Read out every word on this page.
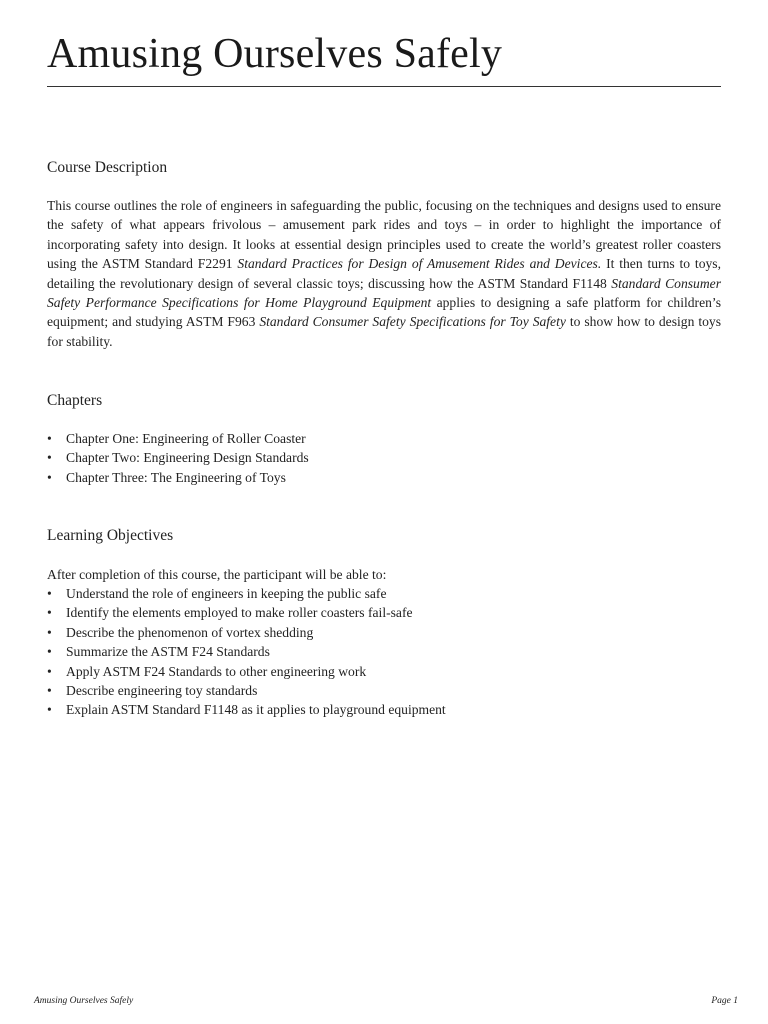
Amusing Ourselves Safely
Course Description

This course outlines the role of engineers in safeguarding the public, focusing on the techniques and designs used to ensure the safety of what appears frivolous – amusement park rides and toys – in order to highlight the importance of incorporating safety into design. It looks at essential design principles used to create the world’s greatest roller coasters using the ASTM Standard F2291 Standard Practices for Design of Amusement Rides and Devices. It then turns to toys, detailing the revolutionary design of several classic toys; discussing how the ASTM Standard F1148 Standard Consumer Safety Performance Specifications for Home Playground Equipment applies to designing a safe platform for children’s equipment; and studying ASTM F963 Standard Consumer Safety Specifications for Toy Safety to show how to design toys for stability.

Chapters
• Chapter One: Engineering of Roller Coaster
• Chapter Two: Engineering Design Standards
• Chapter Three: The Engineering of Toys
Learning Objectives

After completion of this course, the participant will be able to:

• Understand the role of engineers in keeping the public safe
• Identify the elements employed to make roller coasters fail-safe
• Describe the phenomenon of vortex shedding
• Summarize the ASTM F24 Standards
• Apply ASTM F24 Standards to other engineering work
• Describe engineering toy standards
• Explain ASTM Standard F1148 as it applies to playground equipment
Amusing Ourselves Safely	Page 1
